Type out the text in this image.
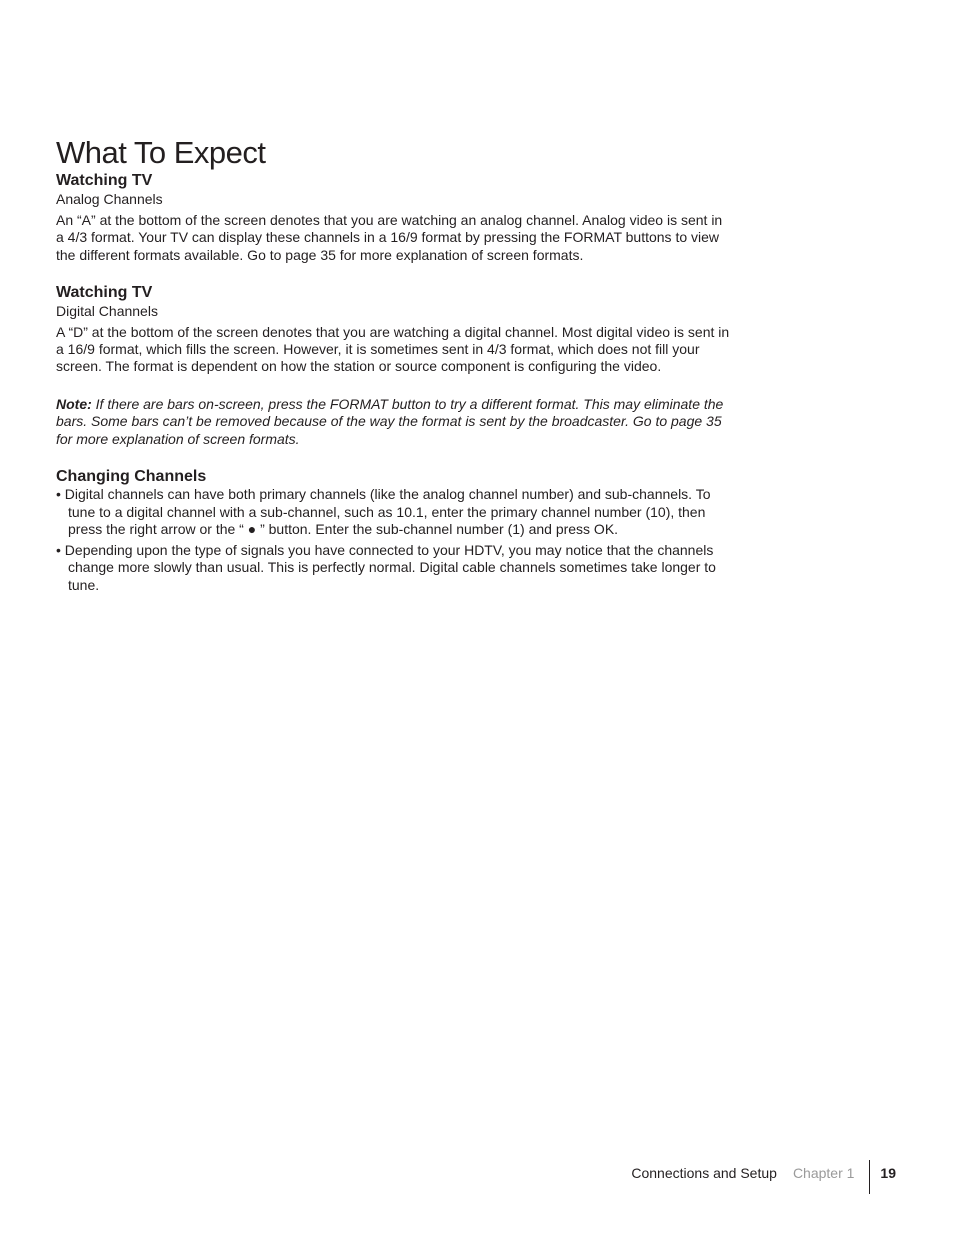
What To Expect
Watching TV
Analog Channels

An “A” at the bottom of the screen denotes that you are watching an analog channel. Analog video is sent in a 4/3 format. Your TV can display these channels in a 16/9 format by pressing the FORMAT buttons to view the different formats available. Go to page 35 for more explanation of screen formats.

Watching TV
Digital Channels

A “D” at the bottom of the screen denotes that you are watching a digital channel. Most digital video is sent in a 16/9 format, which fills the screen. However, it is sometimes sent in 4/3 format, which does not fill your screen. The format is dependent on how the station or source component is configuring the video.

Note: If there are bars on-screen, press the FORMAT button to try a different format. This may eliminate the bars. Some bars can’t be removed because of the way the format is sent by the broadcaster. Go to page 35 for more explanation of screen formats.

Changing Channels
• Digital channels can have both primary channels (like the analog channel number) and sub-channels. To tune to a digital channel with a sub-channel, such as 10.1, enter the primary channel number (10), then press the right arrow or the “ ● ” button. Enter the sub-channel number (1) and press OK.
• Depending upon the type of signals you have connected to your HDTV, you may notice that the channels change more slowly than usual. This is perfectly normal. Digital cable channels sometimes take longer to tune.
Connections and Setup Chapter 1 19
